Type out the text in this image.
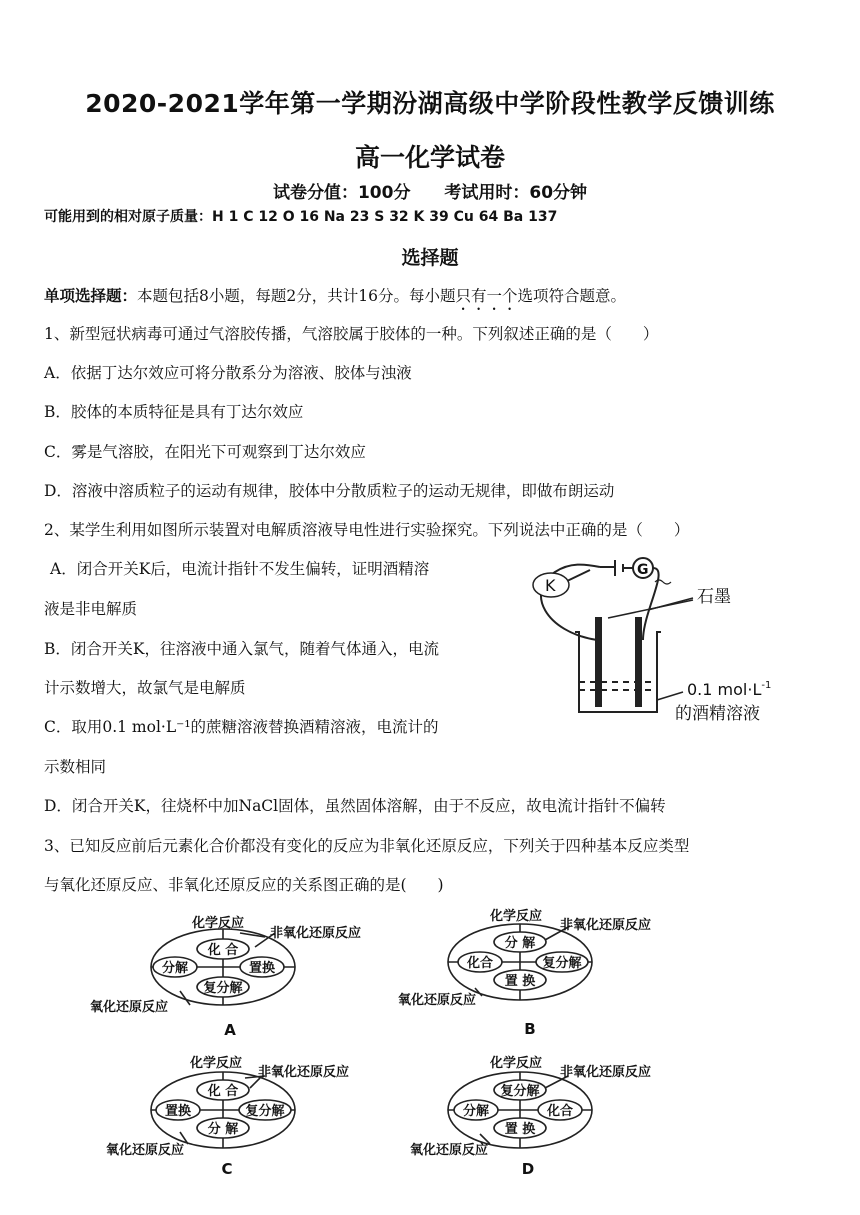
2020-2021学年第一学期汾湖高级中学阶段性教学反馈训练
高一化学试卷
试卷分值：100分 考试用时：60分钟
可能用到的相对原子质量：H 1 C 12 O 16 Na 23 S 32 K 39 Cu 64 Ba 137
选择题
单项选择题：本题包括8小题，每题2分，共计16分。每小题只有一个选项符合题意。
1、新型冠状病毒可通过气溶胶传播，气溶胶属于胶体的一种。下列叙述正确的是（　　）
A．依据丁达尔效应可将分散系分为溶液、胶体与浊液
B．胶体的本质特征是具有丁达尔效应
C．雾是气溶胶，在阳光下可观察到丁达尔效应
D．溶液中溶质粒子的运动有规律，胶体中分散质粒子的运动无规律，即做布朗运动
2、某学生利用如图所示装置对电解质溶液导电性进行实验探究。下列说法中正确的是（　　）
A．闭合开关K后，电流计指针不发生偏转，证明酒精溶
液是非电解质
B．闭合开关K，往溶液中通入氯气，随着气体通入，电流
计示数增大，故氯气是电解质
C．取用0.1 mol·L⁻¹的蔗糖溶液替换酒精溶液，电流计的
示数相同
D．闭合开关K，往烧杯中加NaCl固体，虽然固体溶解，由于不反应，故电流计指针不偏转
K
G
石墨
0.1 $mol\cdot L^{-1}$
的酒精溶液
3、已知反应前后元素化合价都没有变化的反应为非氧化还原反应，下列关于四种基本反应类型
与氧化还原反应、非氧化还原反应的关系图正确的是(　　)
化学反应
非氧化还原反应
氧化还原反应
化 合
分解	置换
复分解
A
化学反应
非氧化还原反应
氧化还原反应
分 解
化合	复分解
置 换
B
化学反应
非氧化还原反应
氧化还原反应
化 合
置换	复分解
分 解
C
化学反应
非氧化还原反应
氧化还原反应
复分解
分解	化合
置 换
D
